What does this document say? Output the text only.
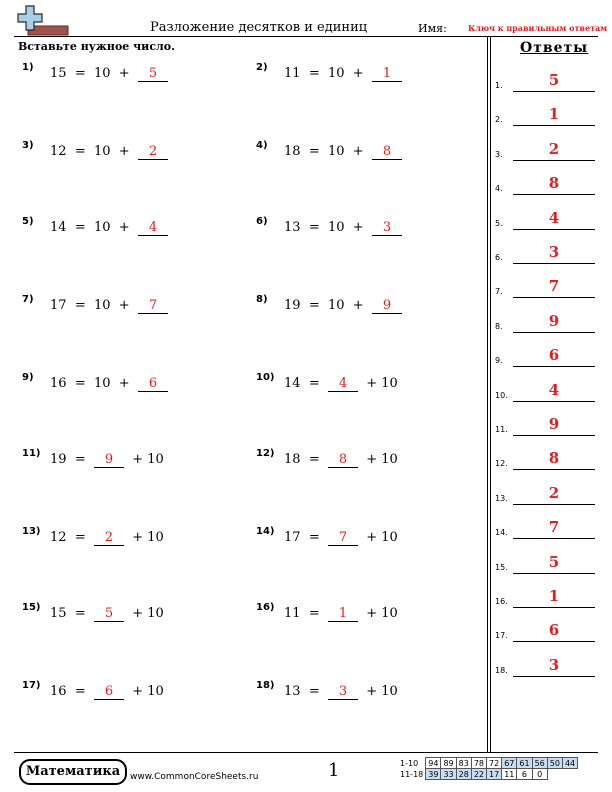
Разложение десятков и единиц	Имя:	Ключ к правильным ответам
Вставьте нужное число.
1) 15 = 10 + 5	2) 11 = 10 + 1
3) 12 = 10 + 2	4) 18 = 10 + 8
5) 14 = 10 + 4	6) 13 = 10 + 3
7) 17 = 10 + 7	8) 19 = 10 + 9
9) 16 = 10 + 6	10) 14 = 4 + 10
11) 19 = 9 + 10	12) 18 = 8 + 10
13) 12 = 2 + 10	14) 17 = 7 + 10
15) 15 = 5 + 10	16) 11 = 1 + 10
17) 16 = 6 + 10	18) 13 = 3 + 10
Ответы
1.	5
2.	1
3.	2
4.	8
5.	4
6.	3
7.	7
8.	9
9.	6
10.	4
11.	9
12.	8
13.	2
14.	7
15.	5
16.	1
17.	6
18.	3
Математика	www.CommonCoreSheets.ru	1	1-10	94	89	83	78	72	67	61	56	50	44
11-18	39	33	28	22	17	11	6	0		
